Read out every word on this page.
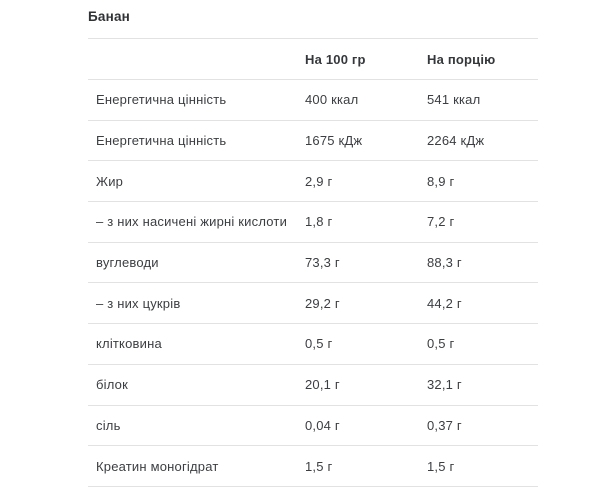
Банан
	На 100 гр	На порцію
Енергетична цінність	400 ккал	541 ккал
Енергетична цінність	1675 кДж	2264 кДж
Жир	2,9 г	8,9 г
– з них насичені жирні кислоти	1,8 г	7,2 г
вуглеводи	73,3 г	88,3 г
– з них цукрів	29,2 г	44,2 г
клітковина	0,5 г	0,5 г
білок	20,1 г	32,1 г
сіль	0,04 г	0,37 г
Креатин моногідрат	1,5 г	1,5 г
